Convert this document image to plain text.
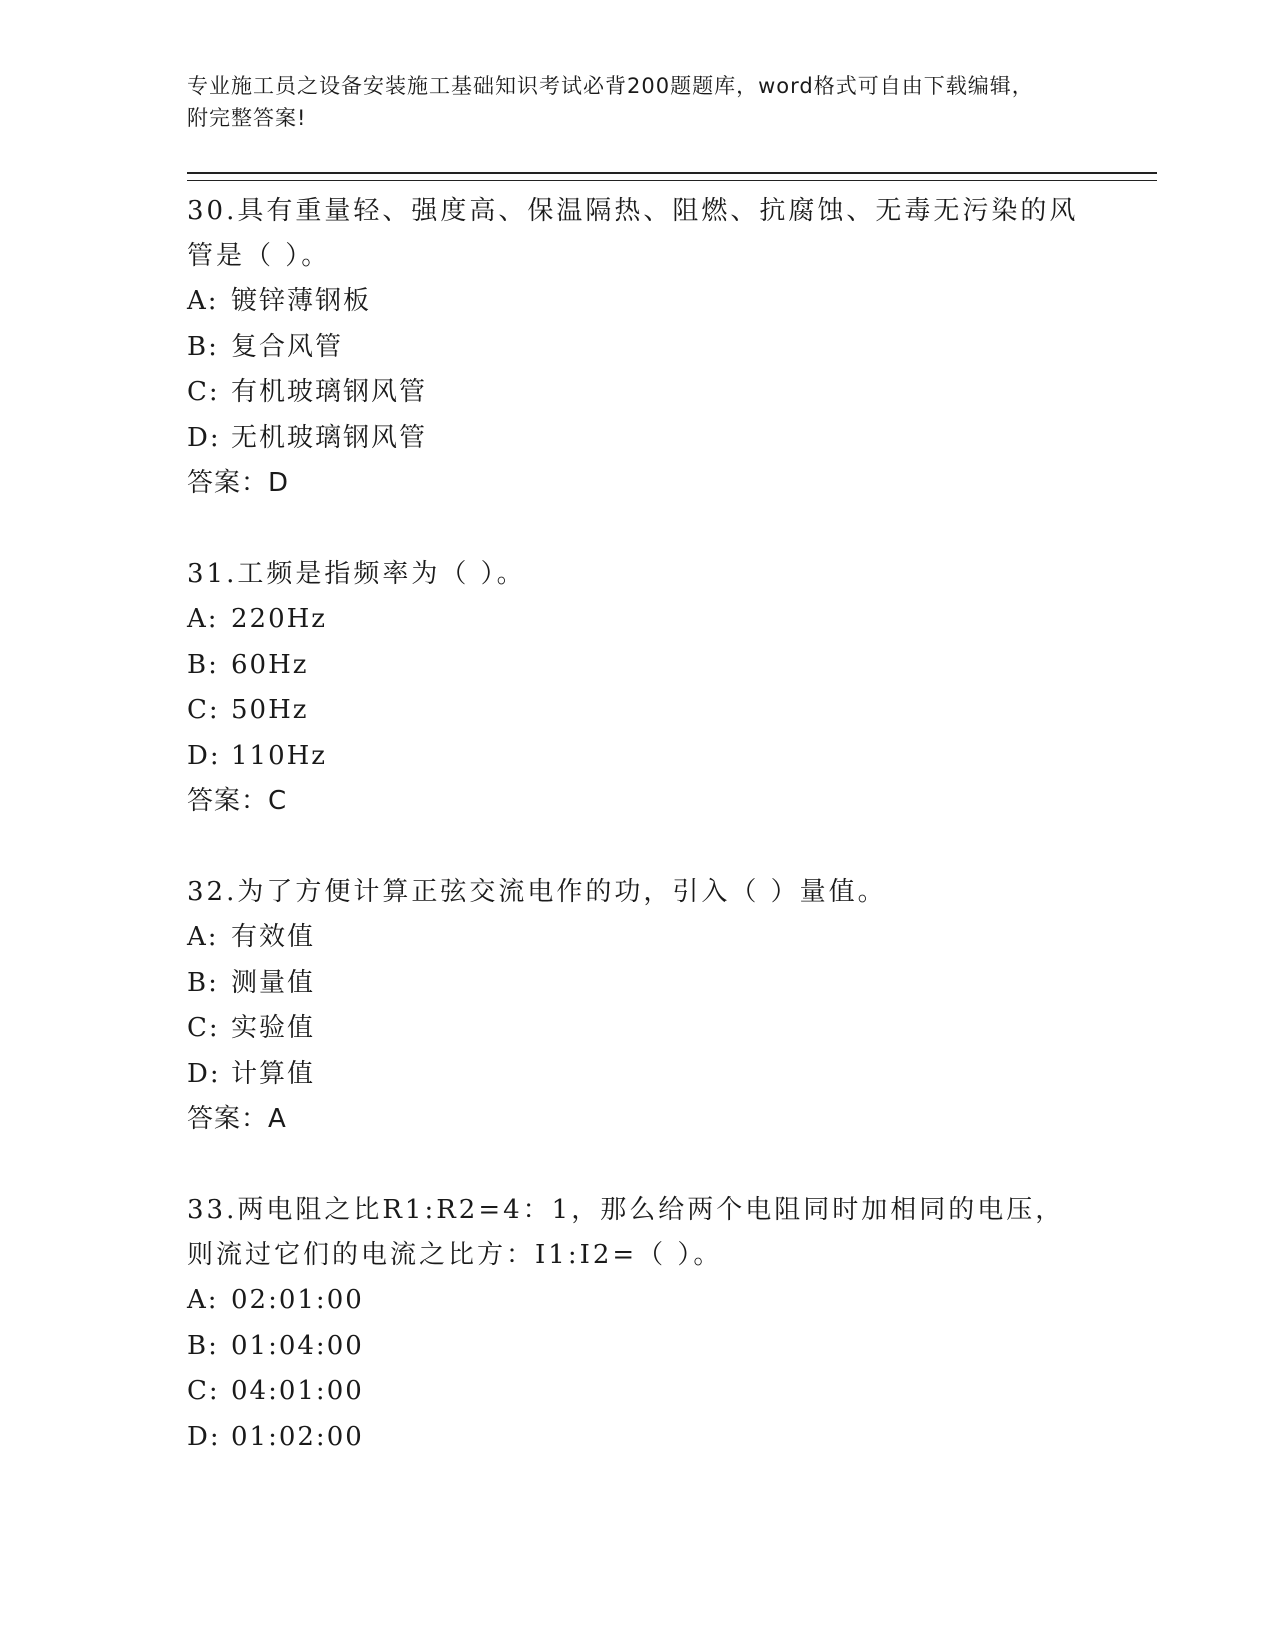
专业施工员之设备安装施工基础知识考试必背200题题库，word格式可自由下载编辑，附完整答案!
30.具有重量轻、强度高、保温隔热、阻燃、抗腐蚀、无毒无污染的风管是（ ）。
A: 镀锌薄钢板
B: 复合风管
C: 有机玻璃钢风管
D: 无机玻璃钢风管
答案：D
31.工频是指频率为（ ）。
A: 220Hz
B: 60Hz
C: 50Hz
D: 110Hz
答案：C
32.为了方便计算正弦交流电作的功，引入（ ）量值。
A: 有效值
B: 测量值
C: 实验值
D: 计算值
答案：A
33.两电阻之比R1:R2=4：1，那么给两个电阻同时加相同的电压，则流过它们的电流之比方：I1:I2=（ ）。
A: 02:01:00
B: 01:04:00
C: 04:01:00
D: 01:02:00
